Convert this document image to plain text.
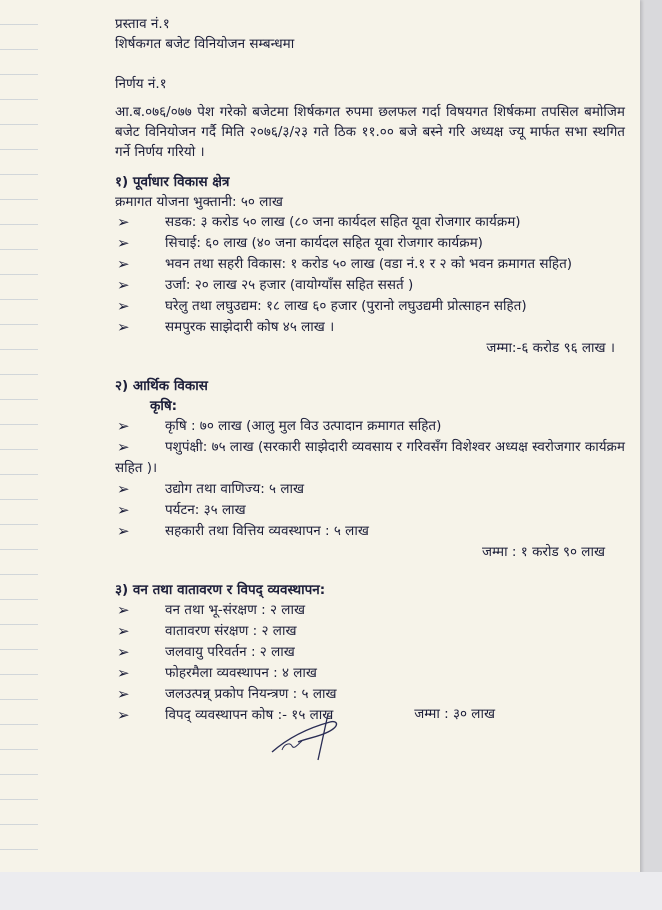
प्रस्ताव नं.१
शिर्षकगत बजेट विनियोजन सम्बन्धमा
निर्णय नं.१
आ.ब.०७६/०७७ पेश गरेको बजेटमा शिर्षकगत रुपमा छलफल गर्दा विषयगत शिर्षकमा तपसिल बमोजिम बजेट विनियोजन गर्दै मिति २०७६/३/२३ गते ठिक ११.०० बजे बस्ने गरि अध्यक्ष ज्यू मार्फत सभा स्थगित गर्ने निर्णय गरियो ।
१) पूर्वाधार विकास क्षेत्र
क्रमागत योजना भुक्तानी: ५० लाख
➢	सडक: ३ करोड ५० लाख (८० जना कार्यदल सहित यूवा रोजगार कार्यक्रम)
➢	सिचाई: ६० लाख (४० जना कार्यदल सहित यूवा रोजगार कार्यक्रम)
➢	भवन तथा सहरी विकास: १ करोड ५० लाख (वडा नं.१ र २ को भवन क्रमागत सहित)
➢	उर्जा: २० लाख २५ हजार (वायोग्याँस सहित ससर्त )
➢	घरेलु तथा लघुउद्यम: १८ लाख ६० हजार (पुरानो लघुउद्यमी प्रोत्साहन सहित)
➢	समपुरक साझेदारी कोष ४५ लाख ।
जम्मा:-६ करोड ९६ लाख ।
२) आर्थिक विकास
कृषि:
➢	कृषि : ७० लाख (आलु मुल विउ उत्पादान क्रमागत सहित)
➢	पशुपंक्षी: ७५ लाख (सरकारी साझेदारी व्यवसाय र गरिवसँग विशेश्वर अध्यक्ष स्वरोजगार कार्यक्रम सहित )।
➢	उद्योग तथा वाणिज्य: ५ लाख
➢	पर्यटन: ३५ लाख
➢	सहकारी तथा वित्तिय व्यवस्थापन : ५ लाख
जम्मा : १ करोड ९० लाख
३) वन तथा वातावरण र विपद् व्यवस्थापन:
➢	वन तथा भू-संरक्षण : २ लाख
➢	वातावरण संरक्षण : २ लाख
➢	जलवायु परिवर्तन : २ लाख
➢	फोहरमैला व्यवस्थापन : ४ लाख
➢	जलउत्पन्न् प्रकोप नियन्त्रण : ५ लाख
➢	विपद् व्यवस्थापन कोष :- १५ लाख	जम्मा : ३० लाख
